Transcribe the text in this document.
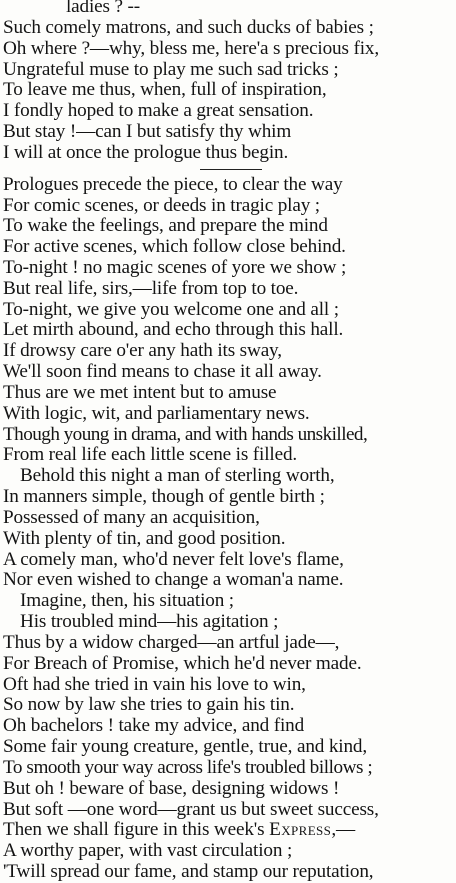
ladies ? --
Such comely matrons, and such ducks of babies ;
Oh where ?—why, bless me, here'a s precious fix,
Ungrateful muse to play me such sad tricks ;
To leave me thus, when, full of inspiration,
I fondly hoped to make a great sensation.
But stay !—can I but satisfy thy whim
I will at once the prologue thus begin.
Prologues precede the piece, to clear the way
For comic scenes, or deeds in tragic play ;
To wake the feelings, and prepare the mind
For active scenes, which follow close behind.
To-night ! no magic scenes of yore we show ;
But real life, sirs,—life from top to toe.
To-night, we give you welcome one and all ;
Let mirth abound, and echo through this hall.
If drowsy care o'er any hath its sway,
We'll soon find means to chase it all away.
Thus are we met intent but to amuse
With logic, wit, and parliamentary news.
Though young in drama, and with hands unskilled,
From real life each little scene is filled.
Behold this night a man of sterling worth,
In manners simple, though of gentle birth ;
Possessed of many an acquisition,
With plenty of tin, and good position.
A comely man, who'd never felt love's flame,
Nor even wished to change a woman'a name.
Imagine, then, his situation ;
His troubled mind—his agitation ;
Thus by a widow charged—an artful jade—,
For Breach of Promise, which he'd never made.
Oft had she tried in vain his love to win,
So now by law she tries to gain his tin.
Oh bachelors ! take my advice, and find
Some fair young creature, gentle, true, and kind,
To smooth your way across life's troubled billows ;
But oh ! beware of base, designing widows !
But soft —one word—grant us but sweet success,
Then we shall figure in this week's Express,—
A worthy paper, with vast circulation ;
'Twill spread our fame, and stamp our reputation,
